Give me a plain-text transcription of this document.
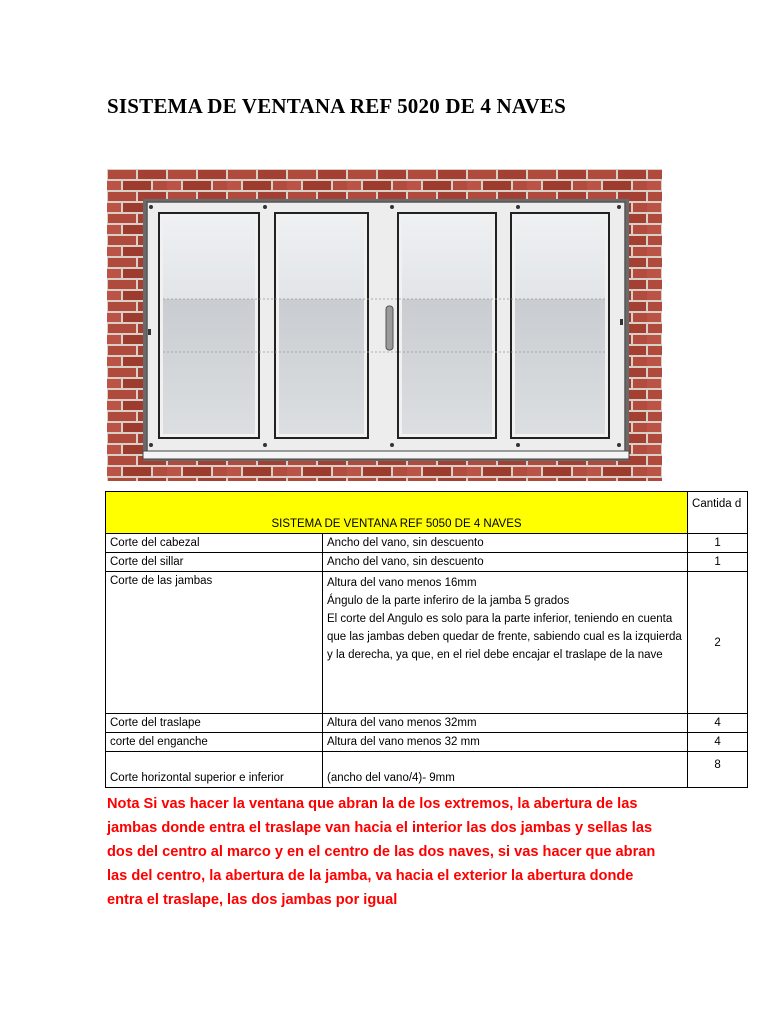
SISTEMA DE VENTANA REF 5020 DE 4 NAVES
SISTEMA DE VENTANA REF 5050 DE 4 NAVES		Cantida d
Corte del cabezal	Ancho del vano, sin descuento	1
Corte del sillar	Ancho del vano, sin descuento	1
Corte de las jambas	Altura del vano menos 16mm
Ángulo de la parte inferiro de la jamba 5 grados
El corte del Angulo es solo para la parte inferior, teniendo en cuenta que las jambas deben quedar de frente, sabiendo cual es la izquierda y la derecha, ya que, en el riel debe encajar el traslape de la nave	2
Corte del traslape	Altura del vano menos 32mm	4
corte del enganche	Altura del vano menos 32 mm	4
Corte horizontal superior e inferior	(ancho del vano/4)- 9mm	8
Nota Si vas hacer la ventana que abran la de los extremos, la abertura de las jambas donde entra el traslape van hacia el interior las dos jambas y sellas las dos del centro al marco y en el centro de las dos naves, si vas hacer que abran las del centro, la abertura de la jamba, va hacia el exterior la abertura donde entra el traslape, las dos jambas por igual
